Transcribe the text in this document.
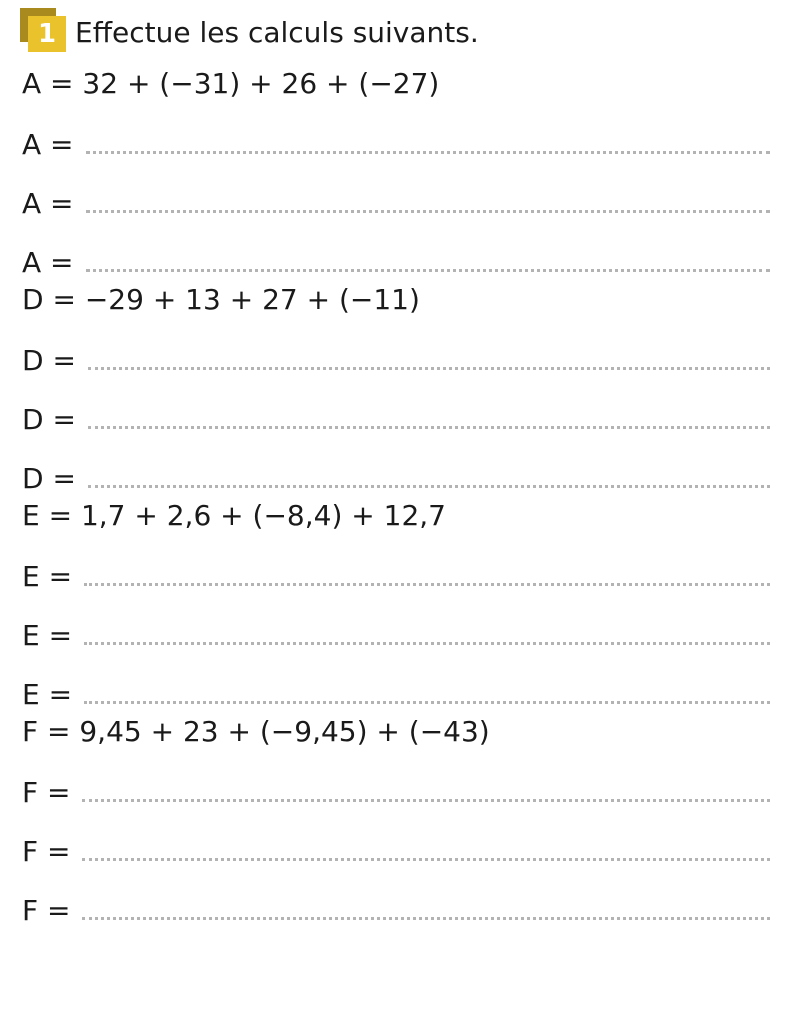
1 Effectue les calculs suivants.
A = 32 + (−31) + 26 + (−27)
A =
A =
A =
D = −29 + 13 + 27 + (−11)
D =
D =
D =
E = 1,7 + 2,6 + (−8,4) + 12,7
E =
E =
E =
F = 9,45 + 23 + (−9,45) + (−43)
F =
F =
F =
